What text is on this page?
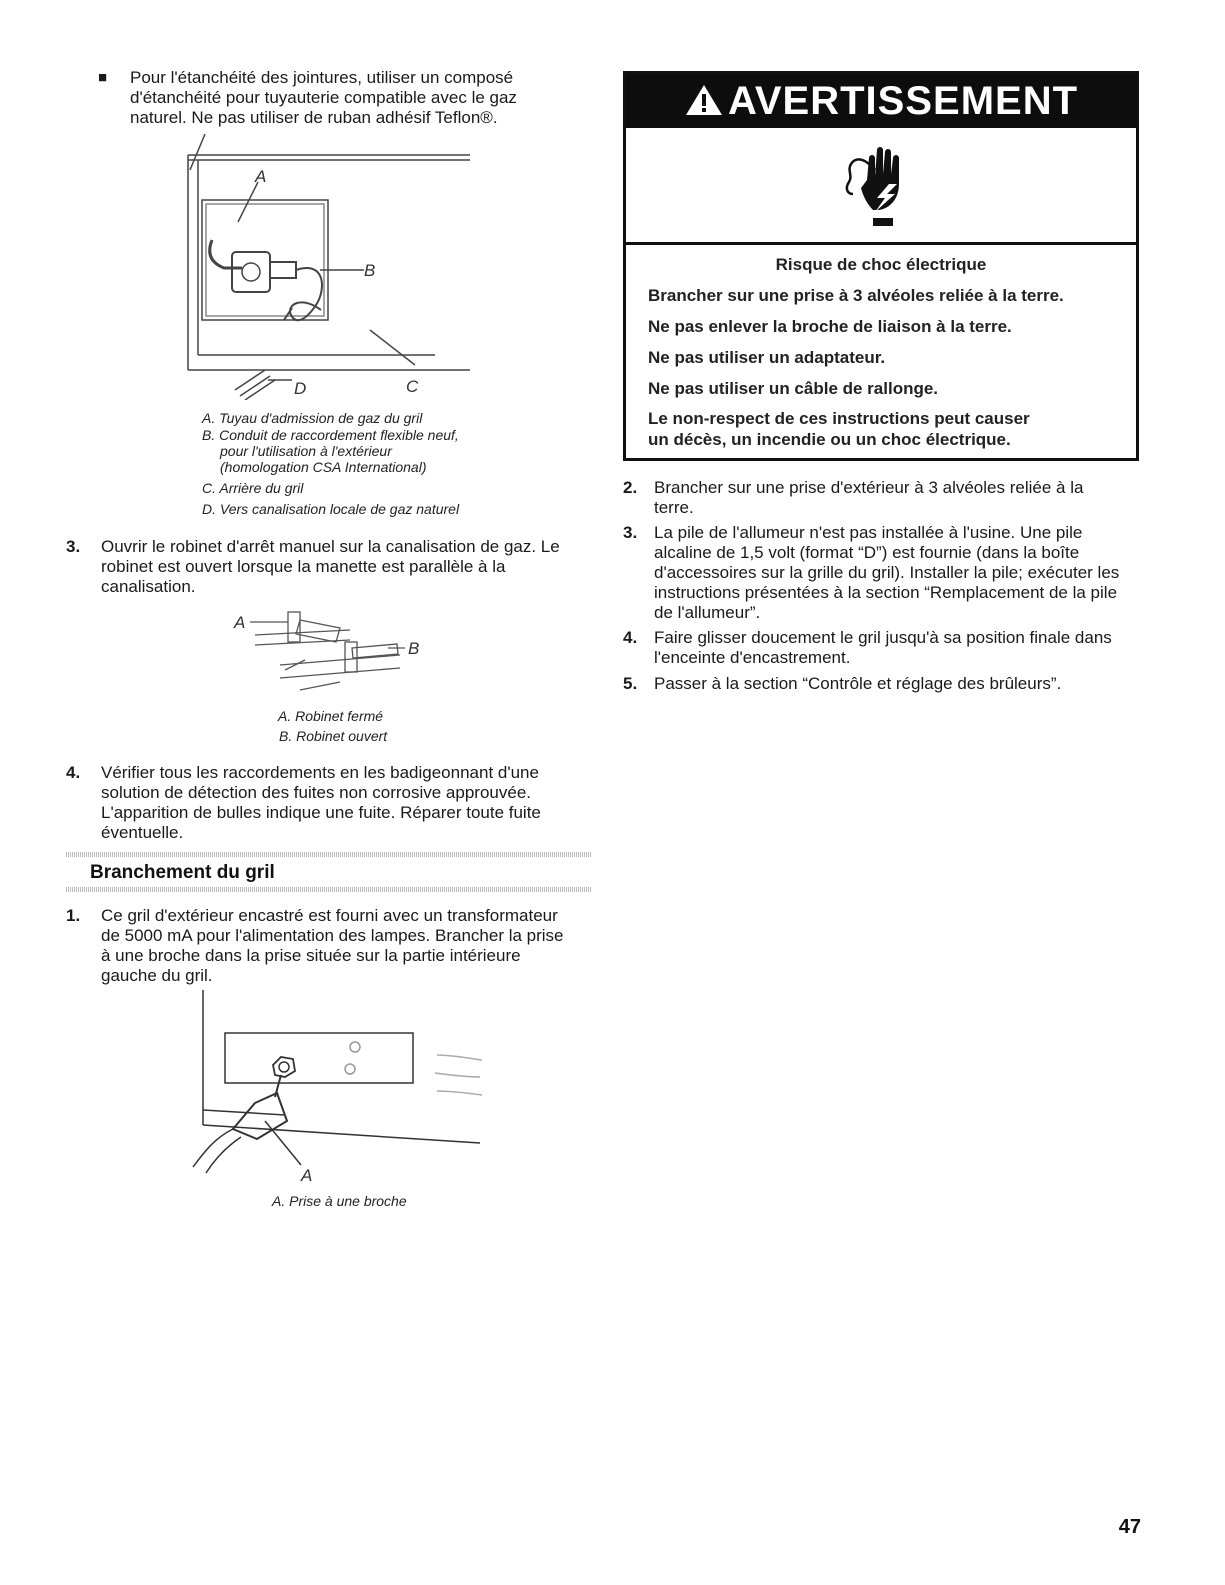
■ Pour l'étanchéité des jointures, utiliser un composé
d'étanchéité pour tuyauterie compatible avec le gaz
naturel. Ne pas utiliser de ruban adhésif Teflon®.
A
B
C
D
A. Tuyau d'admission de gaz du gril
B. Conduit de raccordement flexible neuf,
pour l'utilisation à l'extérieur
(homologation CSA International)
C. Arrière du gril
D. Vers canalisation locale de gaz naturel
3. Ouvrir le robinet d'arrêt manuel sur la canalisation de gaz. Le
robinet est ouvert lorsque la manette est parallèle à la
canalisation.
A
B
A. Robinet fermé
B. Robinet ouvert
4. Vérifier tous les raccordements en les badigeonnant d'une
solution de détection des fuites non corrosive approuvée.
L'apparition de bulles indique une fuite. Réparer toute fuite
éventuelle.
Branchement du gril
1. Ce gril d'extérieur encastré est fourni avec un transformateur
de 5000 mA pour l'alimentation des lampes. Brancher la prise
à une broche dans la prise située sur la partie intérieure
gauche du gril.
A
A. Prise à une broche
AVERTISSEMENT
Risque de choc électrique
Brancher sur une prise à 3 alvéoles reliée à la terre.
Ne pas enlever la broche de liaison à la terre.
Ne pas utiliser un adaptateur.
Ne pas utiliser un câble de rallonge.
Le non-respect de ces instructions peut causer
un décès, un incendie ou un choc électrique.
2. Brancher sur une prise d'extérieur à 3 alvéoles reliée à la
terre.
3. La pile de l'allumeur n'est pas installée à l'usine. Une pile
alcaline de 1,5 volt (format “D”) est fournie (dans la boîte
d'accessoires sur la grille du gril). Installer la pile; exécuter les
instructions présentées à la section “Remplacement de la pile
de l'allumeur”.
4. Faire glisser doucement le gril jusqu'à sa position finale dans
l'enceinte d'encastrement.
5. Passer à la section “Contrôle et réglage des brûleurs”.
47
